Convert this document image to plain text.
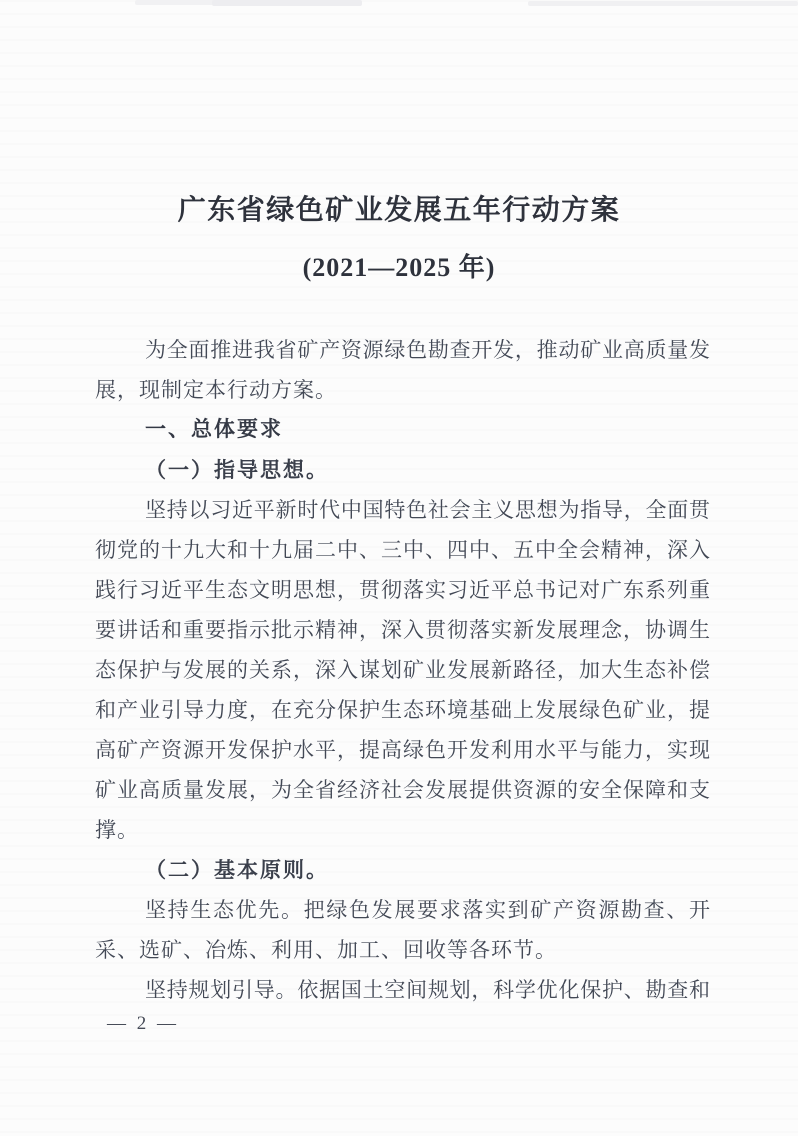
广东省绿色矿业发展五年行动方案
(2021—2025 年)
为全面推进我省矿产资源绿色勘查开发，推动矿业高质量发
展，现制定本行动方案。
一、总体要求
（一）指导思想。
坚持以习近平新时代中国特色社会主义思想为指导，全面贯
彻党的十九大和十九届二中、三中、四中、五中全会精神，深入
践行习近平生态文明思想，贯彻落实习近平总书记对广东系列重
要讲话和重要指示批示精神，深入贯彻落实新发展理念，协调生
态保护与发展的关系，深入谋划矿业发展新路径，加大生态补偿
和产业引导力度，在充分保护生态环境基础上发展绿色矿业，提
高矿产资源开发保护水平，提高绿色开发利用水平与能力，实现
矿业高质量发展，为全省经济社会发展提供资源的安全保障和支
撑。
（二）基本原则。
坚持生态优先。把绿色发展要求落实到矿产资源勘查、开
采、选矿、冶炼、利用、加工、回收等各环节。
坚持规划引导。依据国土空间规划，科学优化保护、勘查和
— 2 —
